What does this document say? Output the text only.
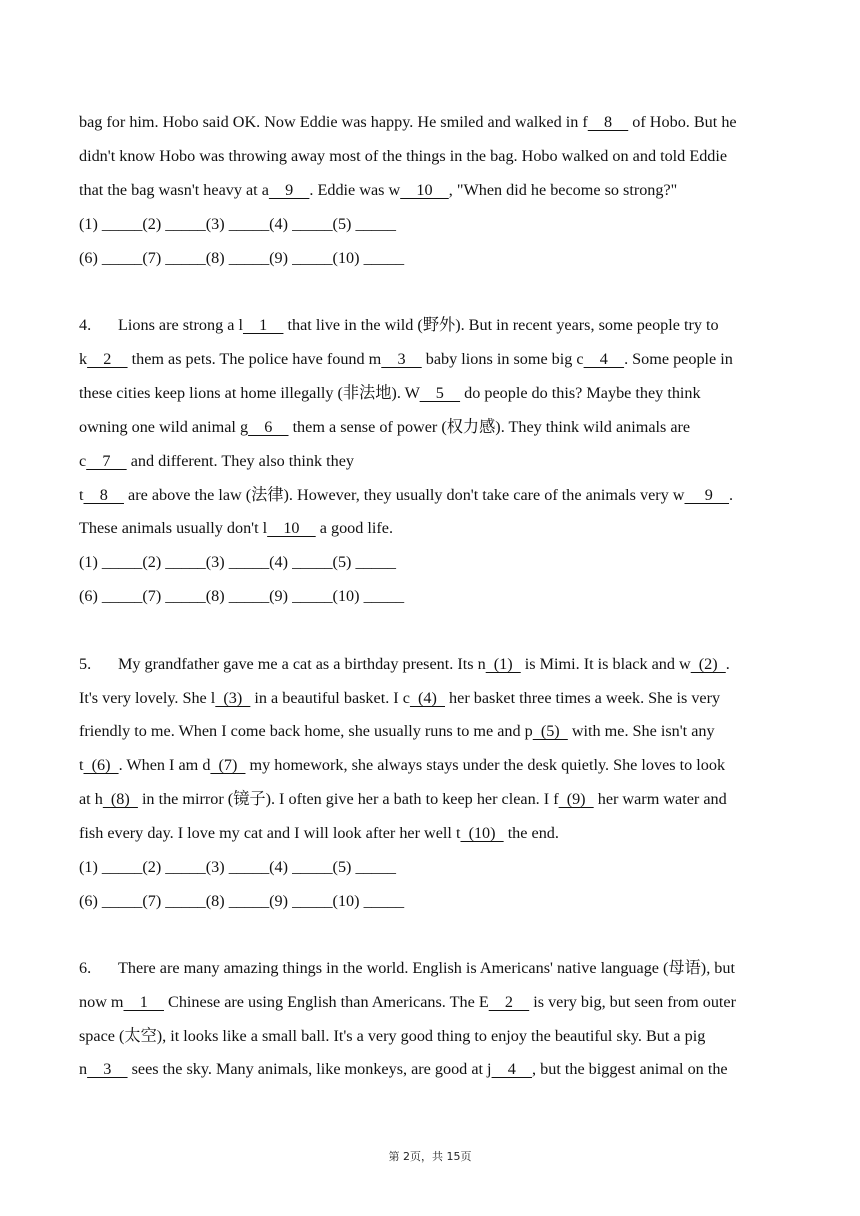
bag for him. Hobo said OK. Now Eddie was happy. He smiled and walked in f    8     of Hobo. But he
didn't know Hobo was throwing away most of the things in the bag. Hobo walked on and told Eddie
that the bag wasn't heavy at a    9    . Eddie was w    10    , "When did he become so strong?"
(1) _____(2) _____(3) _____(4) _____(5) _____
(6) _____(7) _____(8) _____(9) _____(10) _____
4. Lions are strong a l    1     that live in the wild (野外). But in recent years, some people try to
k    2     them as pets. The police have found m    3     baby lions in some big c    4    . Some people in
these cities keep lions at home illegally (非法地). W    5     do people do this? Maybe they think
owning one wild animal g    6     them a sense of power (权力感). They think wild animals are
c    7     and different. They also think they
t    8     are above the law (法律). However, they usually don't take care of the animals very w     9    .
These animals usually don't l    10     a good life.
(1) _____(2) _____(3) _____(4) _____(5) _____
(6) _____(7) _____(8) _____(9) _____(10) _____
5. My grandfather gave me a cat as a birthday present. Its n  (1)   is Mimi. It is black and w  (2)  .
It's very lovely. She l  (3)   in a beautiful basket. I c  (4)   her basket three times a week. She is very
friendly to me. When I come back home, she usually runs to me and p  (5)   with me. She isn't any
t  (6)  . When I am d  (7)   my homework, she always stays under the desk quietly. She loves to look
at h  (8)   in the mirror (镜子). I often give her a bath to keep her clean. I f  (9)   her warm water and
fish every day. I love my cat and I will look after her well t  (10)   the end.
(1) _____(2) _____(3) _____(4) _____(5) _____
(6) _____(7) _____(8) _____(9) _____(10) _____
6. There are many amazing things in the world. English is Americans' native language (母语), but
now m    1     Chinese are using English than Americans. The E    2     is very big, but seen from outer
space (太空), it looks like a small ball. It's a very good thing to enjoy the beautiful sky. But a pig
n    3     sees the sky. Many animals, like monkeys, are good at j    4    , but the biggest animal on the
第 2页，共 15页
